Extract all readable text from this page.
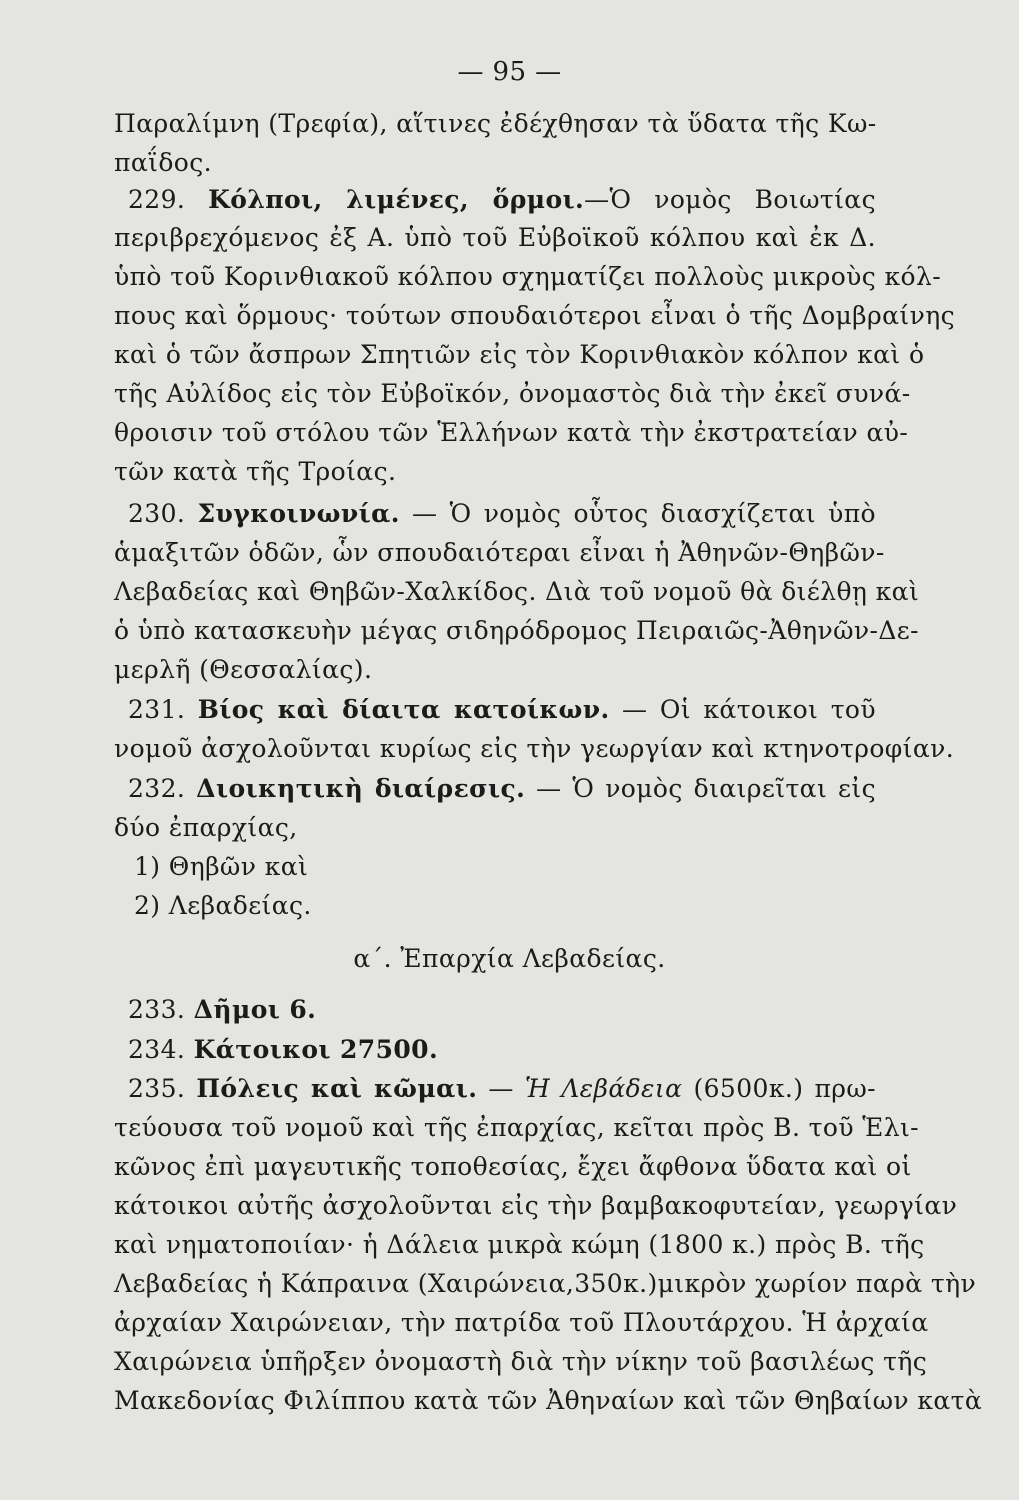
— 95 —
Παραλίμνη (Τρεφία), αἵτινες ἐδέχθησαν τὰ ὕδατα τῆς Κω-
παΐδος.
229. Κόλποι, λιμένες, ὅρμοι.—Ὁ νομὸς Βοιωτίας
περιβρεχόμενος ἐξ Α. ὑπὸ τοῦ Εὐβοϊκοῦ κόλπου καὶ ἐκ Δ.
ὑπὸ τοῦ Κορινθιακοῦ κόλπου σχηματίζει πολλοὺς μικροὺς κόλ-
πους καὶ ὅρμους· τούτων σπουδαιότεροι εἶναι ὁ τῆς Δομβραίνης
καὶ ὁ τῶν ἄσπρων Σπητιῶν εἰς τὸν Κορινθιακὸν κόλπον καὶ ὁ
τῆς Αὐλίδος εἰς τὸν Εὐβοϊκόν, ὀνομαστὸς διὰ τὴν ἐκεῖ συνά-
θροισιν τοῦ στόλου τῶν Ἑλλήνων κατὰ τὴν ἐκστρατείαν αὐ-
τῶν κατὰ τῆς Τροίας.
230. Συγκοινωνία. — Ὁ νομὸς οὗτος διασχίζεται ὑπὸ
ἁμαξιτῶν ὁδῶν, ὧν σπουδαιότεραι εἶναι ἡ Ἀθηνῶν-Θηβῶν-
Λεβαδείας καὶ Θηβῶν-Χαλκίδος. Διὰ τοῦ νομοῦ θὰ διέλθῃ καὶ
ὁ ὑπὸ κατασκευὴν μέγας σιδηρόδρομος Πειραιῶς-Ἀθηνῶν-Δε-
μερλῆ (Θεσσαλίας).
231. Βίος καὶ δίαιτα κατοίκων. — Οἱ κάτοικοι τοῦ
νομοῦ ἀσχολοῦνται κυρίως εἰς τὴν γεωργίαν καὶ κτηνοτροφίαν.
232. Διοικητικὴ διαίρεσις. — Ὁ νομὸς διαιρεῖται εἰς
δύο ἐπαρχίας,
1) Θηβῶν καὶ
2) Λεβαδείας.
α΄. Ἐπαρχία Λεβαδείας.
233. Δῆμοι 6.
234. Κάτοικοι 27500.
235. Πόλεις καὶ κῶμαι. — Ἡ Λεβάδεια (6500κ.) πρω-
τεύουσα τοῦ νομοῦ καὶ τῆς ἐπαρχίας, κεῖται πρὸς Β. τοῦ Ἑλι-
κῶνος ἐπὶ μαγευτικῆς τοποθεσίας, ἔχει ἄφθονα ὕδατα καὶ οἱ
κάτοικοι αὐτῆς ἀσχολοῦνται εἰς τὴν βαμβακοφυτείαν, γεωργίαν
καὶ νηματοποιίαν· ἡ Δάλεια μικρὰ κώμη (1800 κ.) πρὸς Β. τῆς
Λεβαδείας ἡ Κάπραινα (Χαιρώνεια,350κ.)μικρὸν χωρίον παρὰ τὴν
ἀρχαίαν Χαιρώνειαν, τὴν πατρίδα τοῦ Πλουτάρχου. Ἡ ἀρχαία
Χαιρώνεια ὑπῆρξεν ὀνομαστὴ διὰ τὴν νίκην τοῦ βασιλέως τῆς
Μακεδονίας Φιλίππου κατὰ τῶν Ἀθηναίων καὶ τῶν Θηβαίων κατὰ
